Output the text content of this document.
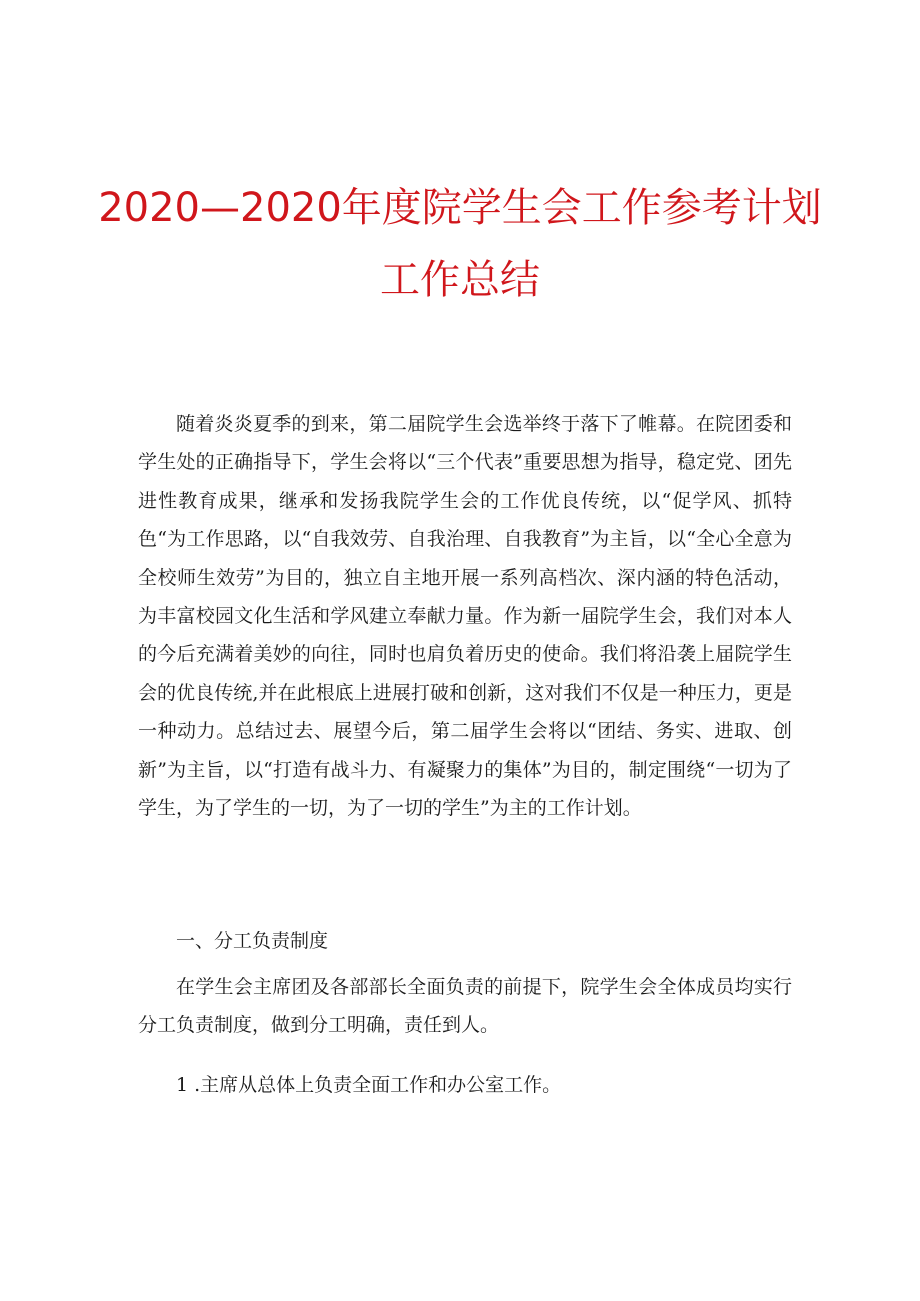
2020—2020年度院学生会工作参考计划
工作总结

随着炎炎夏季的到来，第二届院学生会选举终于落下了帷幕。在院团委和学生处的正确指导下，学生会将以“三个代表”重要思想为指导，稳定党、团先进性教育成果，继承和发扬我院学生会的工作优良传统，以“促学风、抓特色“为工作思路，以“自我效劳、自我治理、自我教育”为主旨，以“全心全意为全校师生效劳”为目的，独立自主地开展一系列高档次、深内涵的特色活动，为丰富校园文化生活和学风建立奉献力量。作为新一届院学生会，我们对本人的今后充满着美妙的向往，同时也肩负着历史的使命。我们将沿袭上届院学生会的优良传统,并在此根底上进展打破和创新，这对我们不仅是一种压力，更是一种动力。总结过去、展望今后，第二届学生会将以“团结、务实、进取、创新”为主旨，以“打造有战斗力、有凝聚力的集体”为目的，制定围绕“一切为了学生，为了学生的一切，为了一切的学生”为主的工作计划。

一、分工负责制度

在学生会主席团及各部部长全面负责的前提下，院学生会全体成员均实行分工负责制度，做到分工明确，责任到人。

1 .主席从总体上负责全面工作和办公室工作。
